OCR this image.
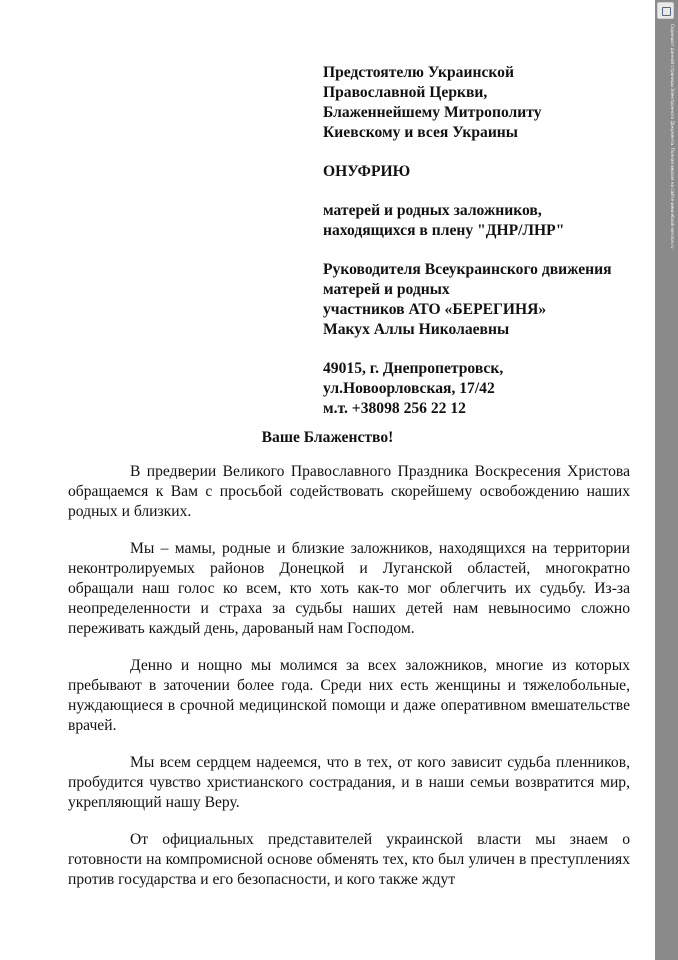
Предстоятелю Украинской
Православной Церкви,
Блаженнейшему Митрополиту
Киевскому и всея Украины
ОНУФРИЮ
матерей и родных заложников,
находящихся в плену "ДНР/ЛНР"
Руководителя Всеукраинского движения
матерей и родных
участников АТО «БЕРЕГИНЯ»
Макух Аллы Николаевны
49015, г. Днепропетровск,
ул.Новоорловская, 17/42
м.т. +38098 256 22 12
Ваше Блаженство!

В предверии Великого Православного Праздника Воскресения Христова обращаемся к Вам с просьбой содействовать скорейшему освобождению наших родных и близких.

Мы – мамы, родные и близкие заложников, находящихся на территории неконтролируемых районов Донецкой и Луганской областей, многократно обращали наш голос ко всем, кто хоть как-то мог облегчить их судьбу. Из-за неопределенности и страха за судьбы наших детей нам невыносимо сложно переживать каждый день, дарованый нам Господом.

Денно и нощно мы молимся за всех заложников, многие из которых пребывают в заточении более года. Среди них есть женщины и тяжелобольные, нуждающиеся в срочной медицинской помощи и даже оперативном вмешательстве врачей.

Мы всем сердцем надеемся, что в тех, от кого зависит судьба пленников, пробудится чувство христианского сострадания, и в наши семьи возвратится мир, укрепляющий нашу Веру.

От официальных представителей украинской власти мы знаем о готовности на компромисной основе обменять тех, кто был уличен в преступлениях против государства и его безопасности, и кого также ждут

Скриншот данной страницы Электронного Документа. Полная версия на сайте www.ebook-service.ru
